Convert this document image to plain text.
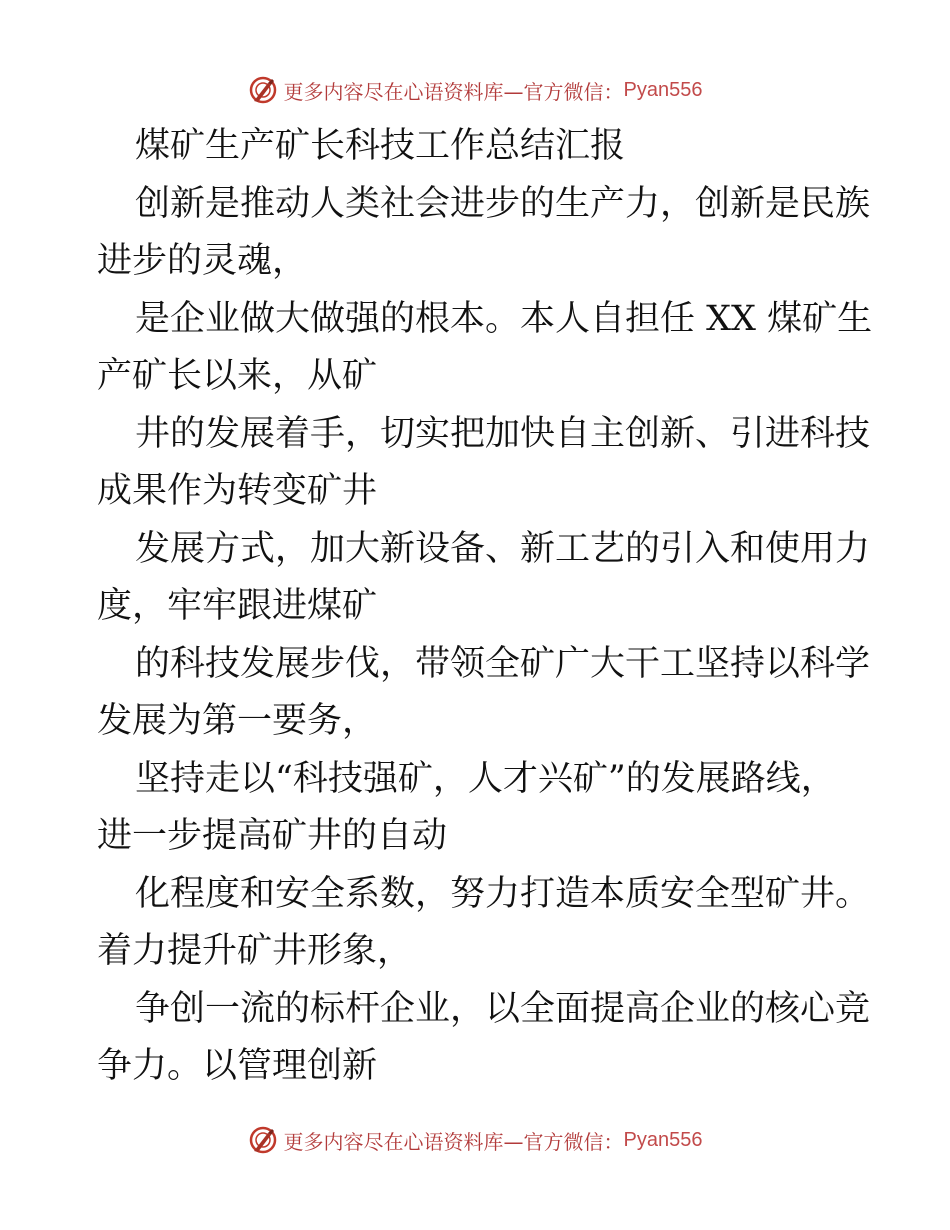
更多内容尽在心语资料库—官方微信： Pyan556
煤矿生产矿长科技工作总结汇报
创新是推动人类社会进步的生产力，创新是民族
进步的灵魂，
是企业做大做强的根本。本人自担任 XX 煤矿生
产矿长以来，从矿
井的发展着手，切实把加快自主创新、引进科技
成果作为转变矿井
发展方式，加大新设备、新工艺的引入和使用力
度，牢牢跟进煤矿
的科技发展步伐，带领全矿广大干工坚持以科学
发展为第一要务，
坚持走以“科技强矿，人才兴矿”的发展路线，
进一步提高矿井的自动
化程度和安全系数，努力打造本质安全型矿井。
着力提升矿井形象，
争创一流的标杆企业，以全面提高企业的核心竞
争力。以管理创新
更多内容尽在心语资料库—官方微信： Pyan556
